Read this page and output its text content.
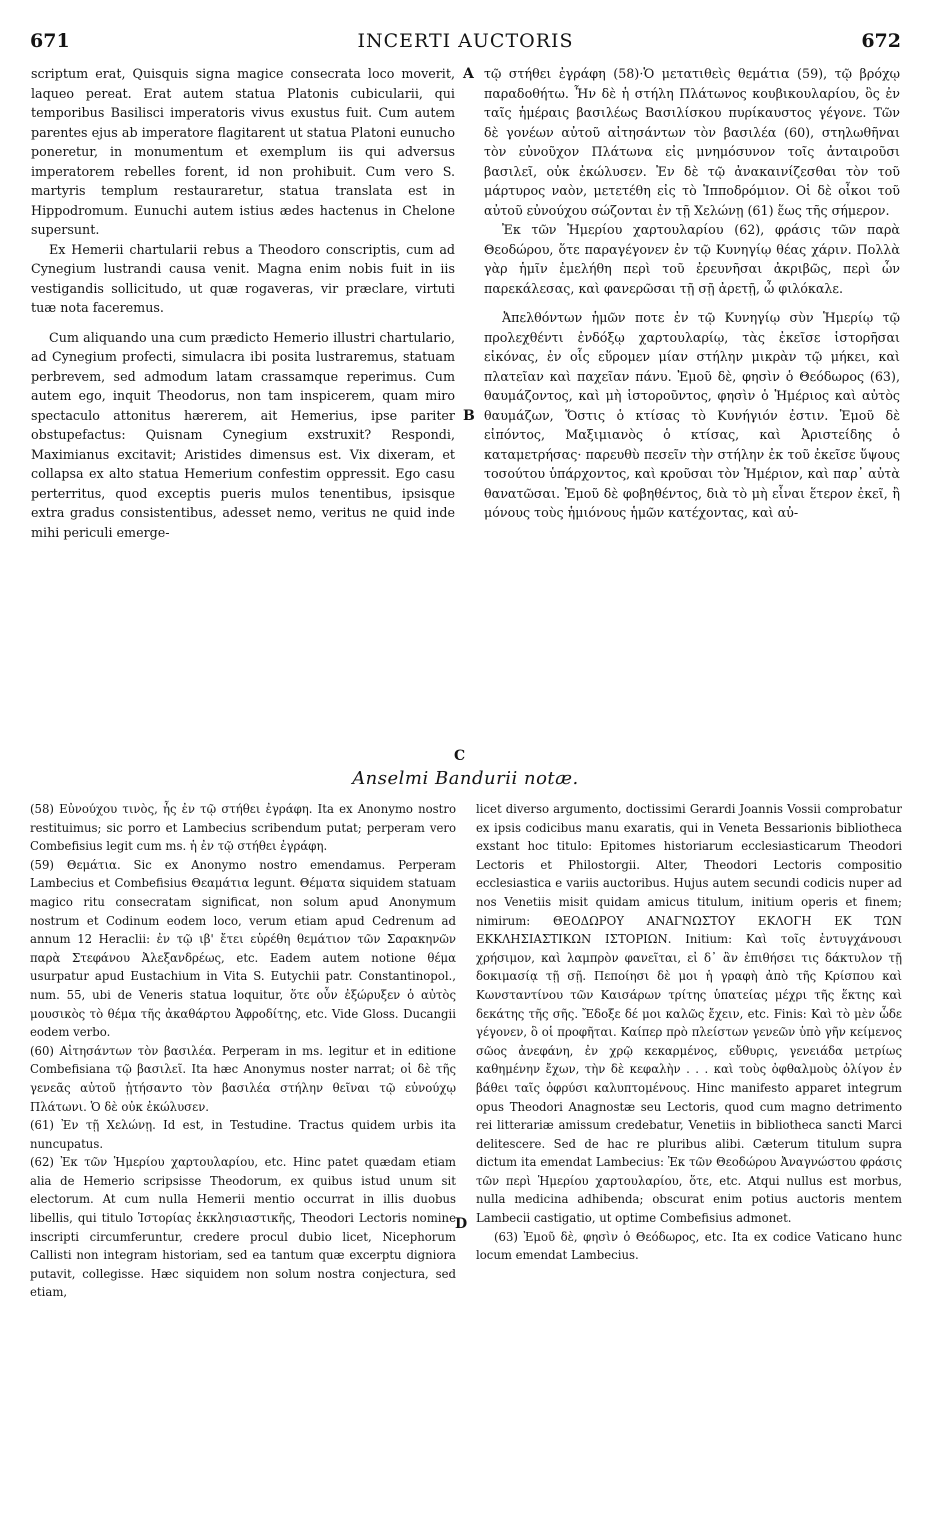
671	INCERTI AUCTORIS	672

scriptum erat, Quisquis signa magice consecrata loco moverit, laqueo pereat. Erat autem statua Platonis cubicularii, qui temporibus Basilisci imperatoris vivus exustus fuit. Cum autem parentes ejus ab imperatore flagitarent ut statua Platoni eunucho poneretur, in monumentum et exemplum iis qui adversus imperatorem rebelles forent, id non prohibuit. Cum vero S. martyris templum restauraretur, statua translata est in Hippodromum. Eunuchi autem istius ædes hactenus in Chelone supersunt.

Ex Hemerii chartularii rebus a Theodoro conscriptis, cum ad Cynegium lustrandi causa venit. Magna enim nobis fuit in iis vestigandis sollicitudo, ut quæ rogaveras, vir præclare, virtuti tuæ nota faceremus.

Cum aliquando una cum prædicto Hemerio illustri chartulario, ad Cynegium profecti, simulacra ibi posita lustraremus, statuam perbrevem, sed admodum latam crassamque reperimus. Cum autem ego, inquit Theodorus, non tam inspicerem, quam miro spectaculo attonitus hærerem, ait Hemerius, ipse pariter obstupefactus: Quisnam Cynegium exstruxit? Respondi, Maximianus excitavit; Aristides dimensus est. Vix dixeram, et collapsa ex alto statua Hemerium confestim oppressit. Ego casu perterritus, quod exceptis pueris mulos tenentibus, ipsisque extra gradus consistentibus, adesset nemo, veritus ne quid inde mihi periculi emerge-

A
B
C

τῷ στήθει ἐγράφη (58)·Ὁ μετατιθεὶς θεμάτια (59), τῷ βρόχῳ παραδοθήτω. Ἦν δὲ ἡ στήλη Πλάτωνος κουβικουλαρίου, ὃς ἐν ταῖς ἡμέραις βασιλέως Βασιλίσκου πυρίκαυστος γέγονε. Τῶν δὲ γονέων αὐτοῦ αἰτησάντων τὸν βασιλέα (60), στηλωθῆναι τὸν εὐνοῦχον Πλάτωνα εἰς μνημόσυνον τοῖς ἀνταιροῦσι βασιλεῖ, οὐκ ἐκώλυσεν. Ἐν δὲ τῷ ἀνακαινίζεσθαι τὸν τοῦ μάρτυρος ναὸν, μετετέθη εἰς τὸ Ἱπποδρόμιον. Οἱ δὲ οἶκοι τοῦ αὐτοῦ εὐνούχου σώζονται ἐν τῇ Χελώνῃ (61) ἕως τῆς σήμερον.

Ἐκ τῶν Ἡμερίου χαρτουλαρίου (62), φράσις τῶν παρὰ Θεοδώρου, ὅτε παραγέγονεν ἐν τῷ Κυνηγίῳ θέας χάριν. Πολλὰ γὰρ ἡμῖν ἐμελήθη περὶ τοῦ ἐρευνῆσαι ἀκριβῶς, περὶ ὧν παρεκάλεσας, καὶ φανερῶσαι τῇ σῇ ἀρετῇ, ὦ φιλόκαλε.

Ἀπελθόντων ἡμῶν ποτε ἐν τῷ Κυνηγίῳ σὺν Ἡμερίῳ τῷ προλεχθέντι ἐνδόξῳ χαρτουλαρίῳ, τὰς ἐκεῖσε ἱστορῆσαι εἰκόνας, ἐν οἷς εὕρομεν μίαν στήλην μικρὰν τῷ μήκει, καὶ πλατεῖαν καὶ παχεῖαν πάνυ. Ἐμοῦ δὲ, φησὶν ὁ Θεόδωρος (63), θαυμάζοντος, καὶ μὴ ἱστοροῦντος, φησὶν ὁ Ἡμέριος καὶ αὐτὸς θαυμάζων, Ὅστις ὁ κτίσας τὸ Κυνήγιόν ἐστιν. Ἐμοῦ δὲ εἰπόντος, Μαξιμιανὸς ὁ κτίσας, καὶ Ἀριστείδης ὁ καταμετρήσας· παρευθὺ πεσεῖν τὴν στήλην ἐκ τοῦ ἐκεῖσε ὕψους τοσούτου ὑπάρχοντος, καὶ κροῦσαι τὸν Ἡμέριον, καὶ παρ᾽ αὐτὰ θανατῶσαι. Ἐμοῦ δὲ φοβηθέντος, διὰ τὸ μὴ εἶναι ἕτερον ἐκεῖ, ἢ μόνους τοὺς ἡμιόνους ἡμῶν κατέχοντας, καὶ αὐ-

Anselmi Bandurii notæ.

(58) Εὐνούχου τινὸς, ἧς ἐν τῷ στήθει ἐγράφη. Ita ex Anonymo nostro restituimus; sic porro et Lambecius scribendum putat; perperam vero Combefisius legit cum ms. ἡ ἐν τῷ στήθει ἐγράφη.

(59) Θεμάτια. Sic ex Anonymo nostro emendamus. Perperam Lambecius et Combefisius Θεαμάτια legunt. Θέματα siquidem statuam magico ritu consecratam significat, non solum apud Anonymum nostrum et Codinum eodem loco, verum etiam apud Cedrenum ad annum 12 Heraclii: ἐν τῷ ιβ' ἔτει εὑρέθη θεμάτιον τῶν Σαρακηνῶν παρὰ Στεφάνου Ἀλεξανδρέως, etc. Eadem autem notione θέμα usurpatur apud Eustachium in Vita S. Eutychii patr. Constantinopol., num. 55, ubi de Veneris statua loquitur, ὅτε οὖν ἐξώρυξεν ὁ αὐτὸς μουσικὸς τὸ θέμα τῆς ἀκαθάρτου Ἀφροδίτης, etc. Vide Gloss. Ducangii eodem verbo.

(60) Αἰτησάντων τὸν βασιλέα. Perperam in ms. legitur et in editione Combefisiana τῷ βασιλεῖ. Ita hæc Anonymus noster narrat; οἱ δὲ τῆς γενεᾶς αὐτοῦ ᾐτήσαντο τὸν βασιλέα στήλην θεῖναι τῷ εὐνούχῳ Πλάτωνι. Ὁ δὲ οὐκ ἐκώλυσεν.

(61) Ἐν τῇ Χελώνῃ. Id est, in Testudine. Tractus quidem urbis ita nuncupatus.

(62) Ἐκ τῶν Ἡμερίου χαρτουλαρίου, etc. Hinc patet quædam etiam alia de Hemerio scripsisse Theodorum, ex quibus istud unum sit electorum. At cum nulla Hemerii mentio occurrat in illis duobus libellis, qui titulo Ἱστορίας ἐκκλησιαστικῆς, Theodori Lectoris nomine inscripti circumferuntur, credere procul dubio licet, Nicephorum Callisti non integram historiam, sed ea tantum quæ excerptu digniora putavit, collegisse. Hæc siquidem non solum nostra conjectura, sed etiam,

D

licet diverso argumento, doctissimi Gerardi Joannis Vossii comprobatur ex ipsis codicibus manu exaratis, qui in Veneta Bessarionis bibliotheca exstant hoc titulo: Epitomes historiarum ecclesiasticarum Theodori Lectoris et Philostorgii. Alter, Theodori Lectoris compositio ecclesiastica e variis auctoribus. Hujus autem secundi codicis nuper ad nos Venetiis misit quidam amicus titulum, initium operis et finem; nimirum: ΘΕΟΔΩΡΟΥ ΑΝΑΓΝΩΣΤΟΥ ΕΚΛΟΓΗ ΕΚ ΤΩΝ ΕΚΚΛΗΣΙΑΣΤΙΚΩΝ ΙΣΤΟΡΙΩΝ. Initium: Καὶ τοῖς ἐντυγχάνουσι χρήσιμον, καὶ λαμπρὸν φανεῖται, εἰ δ᾽ ἂν ἐπιθήσει τις δάκτυλον τῇ δοκιμασίᾳ τῇ σῇ. Πεποίησι δὲ μοι ἡ γραφὴ ἀπὸ τῆς Κρίσπου καὶ Κωνσταντίνου τῶν Καισάρων τρίτης ὑπατείας μέχρι τῆς ἕκτης καὶ δεκάτης τῆς σῆς. Ἔδοξε δέ μοι καλῶς ἔχειν, etc. Finis: Καὶ τὸ μὲν ὧδε γέγονεν, ὃ οἱ προφῆται. Καίπερ πρὸ πλείστων γενεῶν ὑπὸ γῆν κείμενος σῶος ἀνεφάνη, ἐν χρῷ κεκαρμένος, εὔθυρις, γενειάδα μετρίως καθημένην ἔχων, τὴν δὲ κεφαλὴν . . . καὶ τοὺς ὀφθαλμοὺς ὀλίγον ἐν βάθει ταῖς ὀφρύσι καλυπτομένους. Hinc manifesto apparet integrum opus Theodori Anagnostæ seu Lectoris, quod cum magno detrimento rei litterariæ amissum credebatur, Venetiis in bibliotheca sancti Marci delitescere. Sed de hac re pluribus alibi. Cæterum titulum supra dictum ita emendat Lambecius: Ἐκ τῶν Θεοδώρου Ἀναγνώστου φράσις τῶν περὶ Ἡμερίου χαρτουλαρίου, ὅτε, etc. Atqui nullus est morbus, nulla medicina adhibenda; obscurat enim potius auctoris mentem Lambecii castigatio, ut optime Combefisius admonet.

(63) Ἐμοῦ δὲ, φησὶν ὁ Θεόδωρος, etc. Ita ex codice Vaticano hunc locum emendat Lambecius.
